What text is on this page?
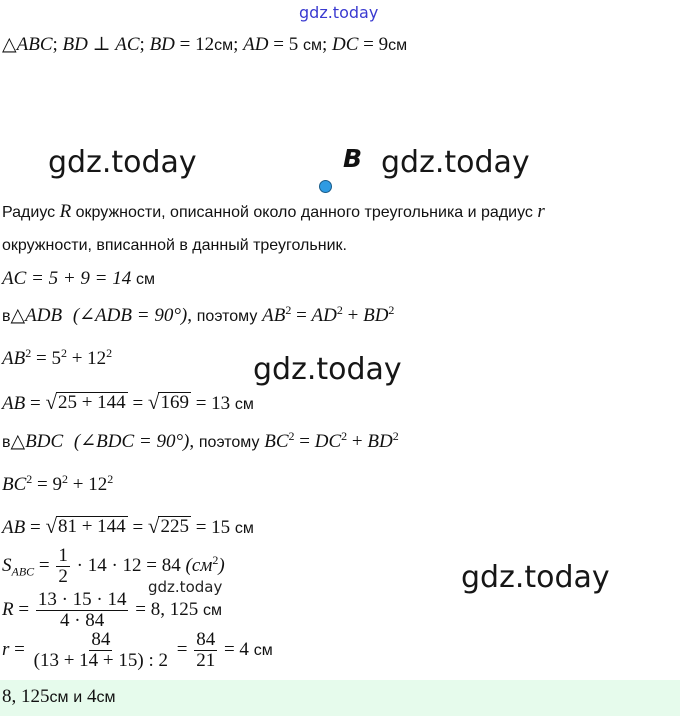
gdz.today
△ABC; BD ⊥ AC; BD = 12см; AD = 5 см; DC = 9см
gdz.today	B gdz.today
Радиус R окружности, описанной около данного треугольника и радиус r
окружности, вписанной в данный треугольник.
AC = 5 + 9 = 14 см
в△ADB (∠ADB = 90°), поэтому $AB^2 = AD^2 + BD^2$
$AB^2 = 5^2 + 12^2$	gdz.today
AB = √ 25 + 144 = √ 169 = 13 см
в△BDC (∠BDC = 90°), поэтому $BC^2 = DC^2 + BD^2$
$BC^2 = 9^2 + 12^2$
AB = √ 81 + 144 = √ 225 = 15 см
$S_{ABC} = \frac{1}{2} \cdot 14 \cdot 12 = 84$ $(см^2)$
gdz.today	gdz.today
$R = \frac{13 \cdot 15 \cdot 14}{4 \cdot 84} = 8$, 125 см
$r = \frac{84}{(13 + 14 + 15) : 2} = \frac{84}{21} = 4$ см
8, 125см и 4см
